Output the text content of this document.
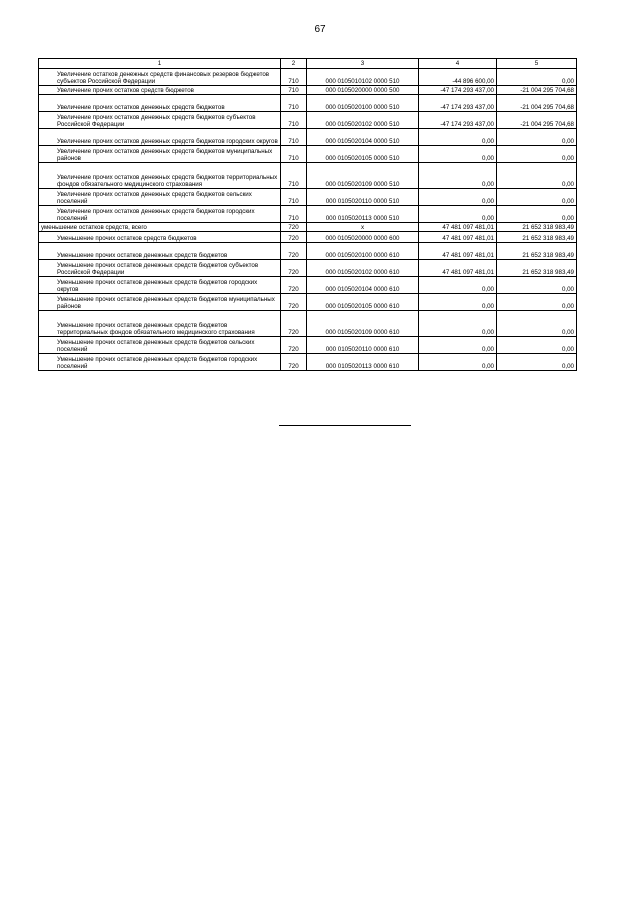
67
1	2	3	4	5
Увеличение остатков денежных средств финансовых резервов бюджетов субъектов Российской Федерации	710	000 0105010102 0000 510	-44 896 600,00	0,00
Увеличение прочих остатков средств бюджетов	710	000 0105020000 0000 500	-47 174 293 437,00	-21 004 295 704,68
Увеличение прочих остатков денежных средств бюджетов	710	000 0105020100 0000 510	-47 174 293 437,00	-21 004 295 704,68
Увеличение прочих остатков денежных средств бюджетов субъектов Российской Федерации	710	000 0105020102 0000 510	-47 174 293 437,00	-21 004 295 704,68
Увеличение прочих остатков денежных средств бюджетов городских округов	710	000 0105020104 0000 510	0,00	0,00
Увеличение прочих остатков денежных средств бюджетов муниципальных районов	710	000 0105020105 0000 510	0,00	0,00
Увеличение прочих остатков денежных средств бюджетов территориальных фондов обязательного медицинского страхования	710	000 0105020109 0000 510	0,00	0,00
Увеличение прочих остатков денежных средств бюджетов сельских поселений	710	000 0105020110 0000 510	0,00	0,00
Увеличение прочих остатков денежных средств бюджетов городских поселений	710	000 0105020113 0000 510	0,00	0,00
уменьшение остатков средств, всего	720	x	47 481 097 481,01	21 652 318 983,49
Уменьшение прочих остатков средств бюджетов	720	000 0105020000 0000 600	47 481 097 481,01	21 652 318 983,49
Уменьшение прочих остатков денежных средств бюджетов	720	000 0105020100 0000 610	47 481 097 481,01	21 652 318 983,49
Уменьшение прочих остатков денежных средств бюджетов субъектов Российской Федерации	720	000 0105020102 0000 610	47 481 097 481,01	21 652 318 983,49
Уменьшение прочих остатков денежных средств бюджетов городских округов	720	000 0105020104 0000 610	0,00	0,00
Уменьшение прочих остатков денежных средств бюджетов муниципальных районов	720	000 0105020105 0000 610	0,00	0,00
Уменьшение прочих остатков денежных средств бюджетов территориальных фондов обязательного медицинского страхования	720	000 0105020109 0000 610	0,00	0,00
Уменьшение прочих остатков денежных средств бюджетов сельских поселений	720	000 0105020110 0000 610	0,00	0,00
Уменьшение прочих остатков денежных средств бюджетов городских поселений	720	000 0105020113 0000 610	0,00	0,00
